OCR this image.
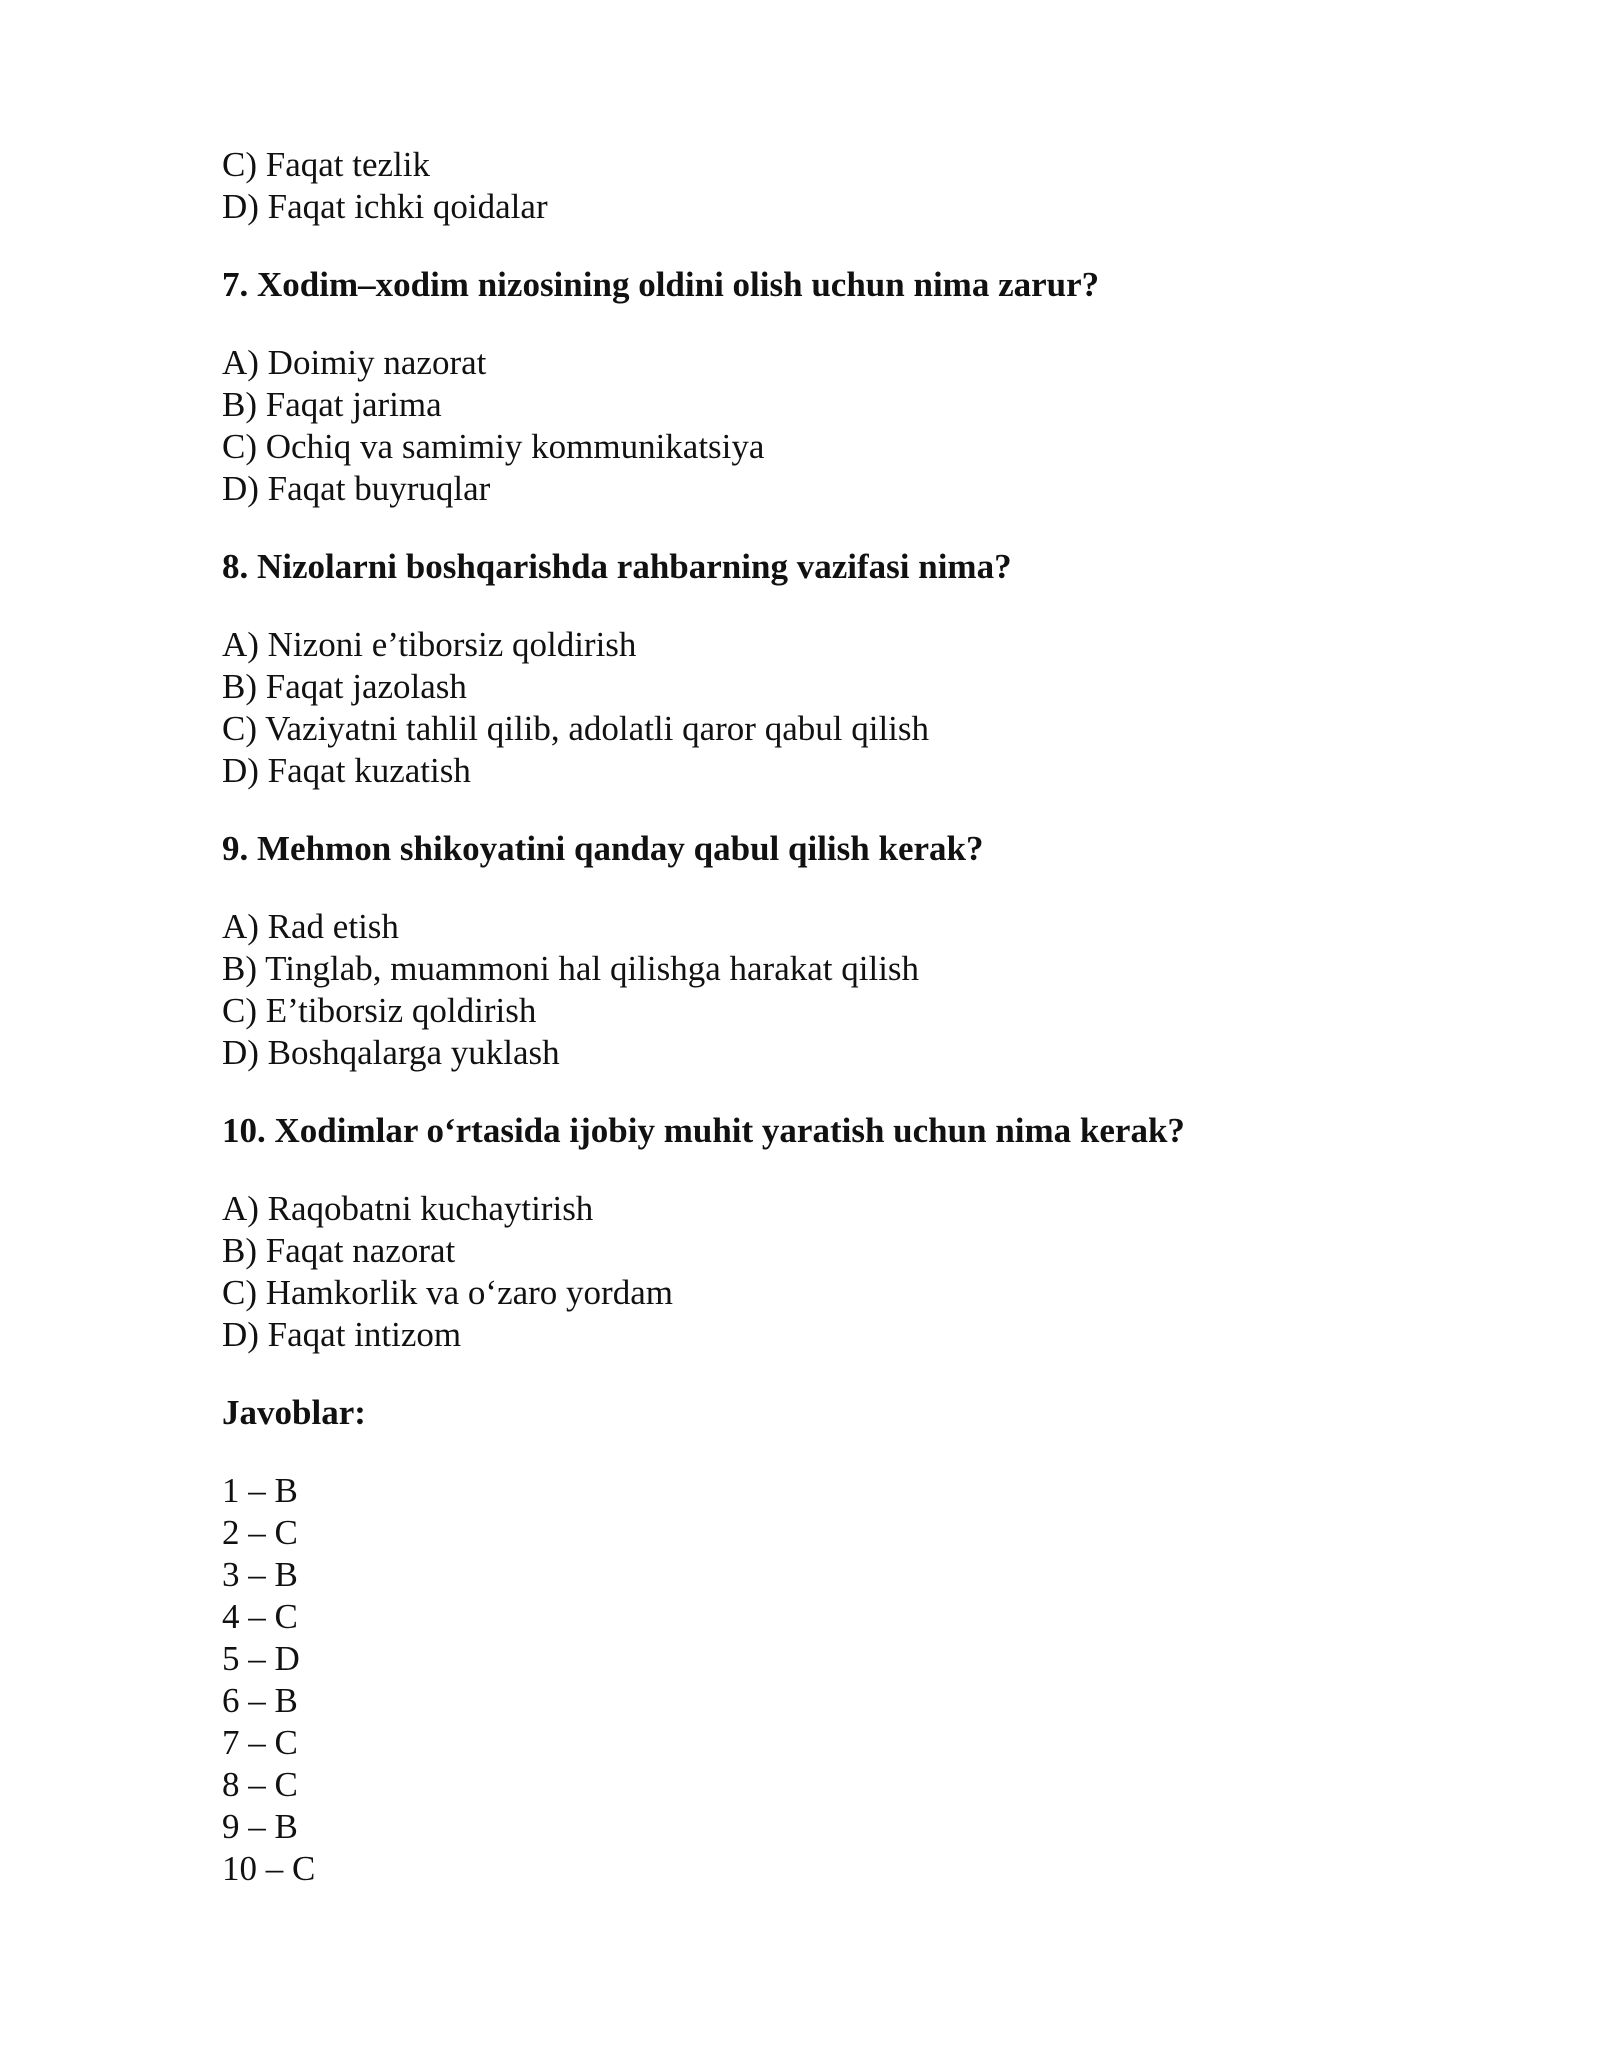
C) Faqat tezlik
D) Faqat ichki qoidalar
7. Xodim–xodim nizosining oldini olish uchun nima zarur?
A) Doimiy nazorat
B) Faqat jarima
C) Ochiq va samimiy kommunikatsiya
D) Faqat buyruqlar
8. Nizolarni boshqarishda rahbarning vazifasi nima?
A) Nizoni e’tiborsiz qoldirish
B) Faqat jazolash
C) Vaziyatni tahlil qilib, adolatli qaror qabul qilish
D) Faqat kuzatish
9. Mehmon shikoyatini qanday qabul qilish kerak?
A) Rad etish
B) Tinglab, muammoni hal qilishga harakat qilish
C) E’tiborsiz qoldirish
D) Boshqalarga yuklash
10. Xodimlar o‘rtasida ijobiy muhit yaratish uchun nima kerak?
A) Raqobatni kuchaytirish
B) Faqat nazorat
C) Hamkorlik va o‘zaro yordam
D) Faqat intizom
Javoblar:
1 – B
2 – C
3 – B
4 – C
5 – D
6 – B
7 – C
8 – C
9 – B
10 – C
